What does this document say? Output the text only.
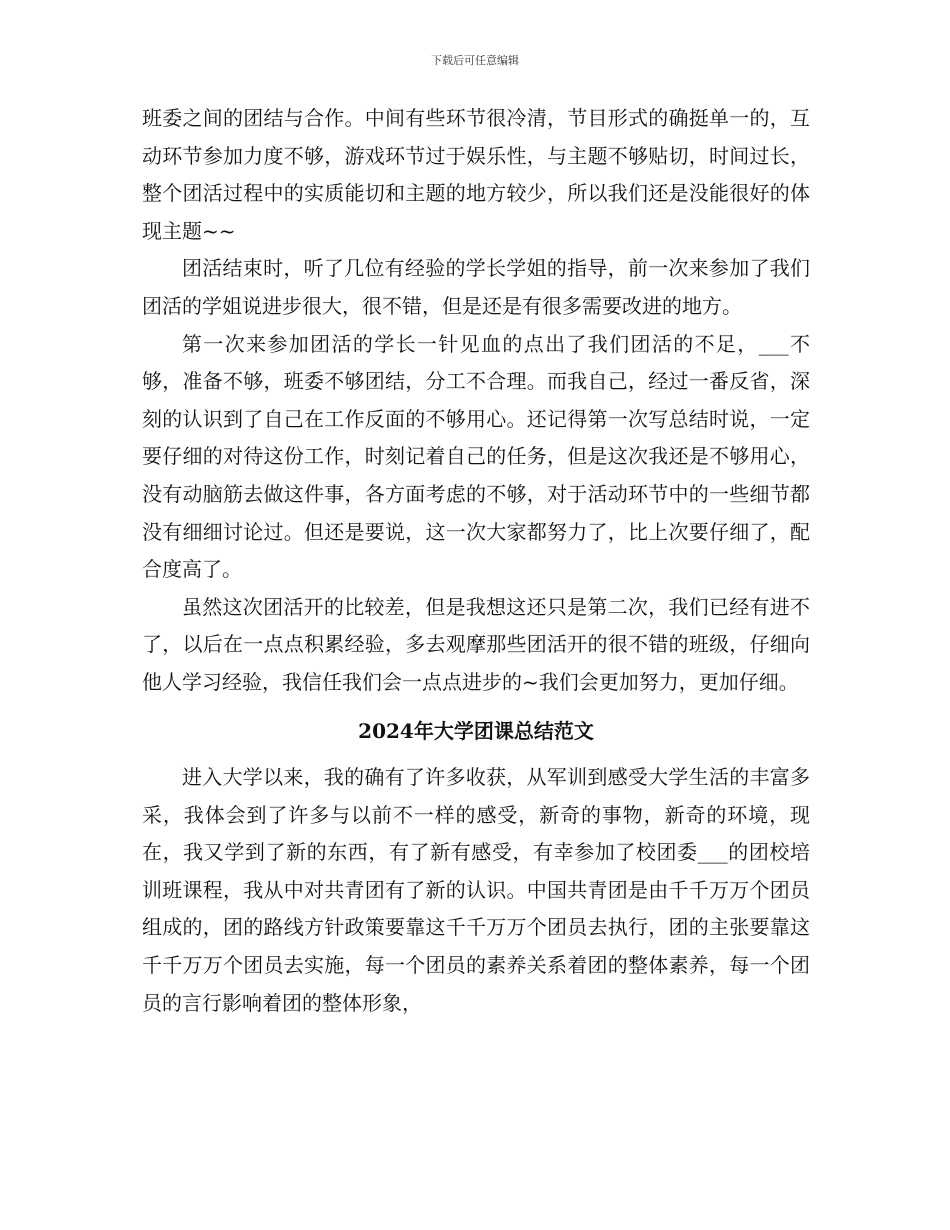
下载后可任意编辑

班委之间的团结与合作。中间有些环节很冷清，节目形式的确挺单一的，互动环节参加力度不够，游戏环节过于娱乐性，与主题不够贴切，时间过长，整个团活过程中的实质能切和主题的地方较少，所以我们还是没能很好的体现主题~~

团活结束时，听了几位有经验的学长学姐的指导，前一次来参加了我们团活的学姐说进步很大，很不错，但是还是有很多需要改进的地方。

第一次来参加团活的学长一针见血的点出了我们团活的不足，___不够，准备不够，班委不够团结，分工不合理。而我自己，经过一番反省，深刻的认识到了自己在工作反面的不够用心。还记得第一次写总结时说，一定要仔细的对待这份工作，时刻记着自己的任务，但是这次我还是不够用心，没有动脑筋去做这件事，各方面考虑的不够，对于活动环节中的一些细节都没有细细讨论过。但还是要说，这一次大家都努力了，比上次要仔细了，配合度高了。

虽然这次团活开的比较差，但是我想这还只是第二次，我们已经有进不了，以后在一点点积累经验，多去观摩那些团活开的很不错的班级，仔细向他人学习经验，我信任我们会一点点进步的~我们会更加努力，更加仔细。

2024年大学团课总结范文

进入大学以来，我的确有了许多收获，从军训到感受大学生活的丰富多采，我体会到了许多与以前不一样的感受，新奇的事物，新奇的环境，现在，我又学到了新的东西，有了新有感受，有幸参加了校团委___的团校培训班课程，我从中对共青团有了新的认识。中国共青团是由千千万万个团员组成的，团的路线方针政策要靠这千千万万个团员去执行，团的主张要靠这千千万万个团员去实施，每一个团员的素养关系着团的整体素养，每一个团员的言行影响着团的整体形象，
